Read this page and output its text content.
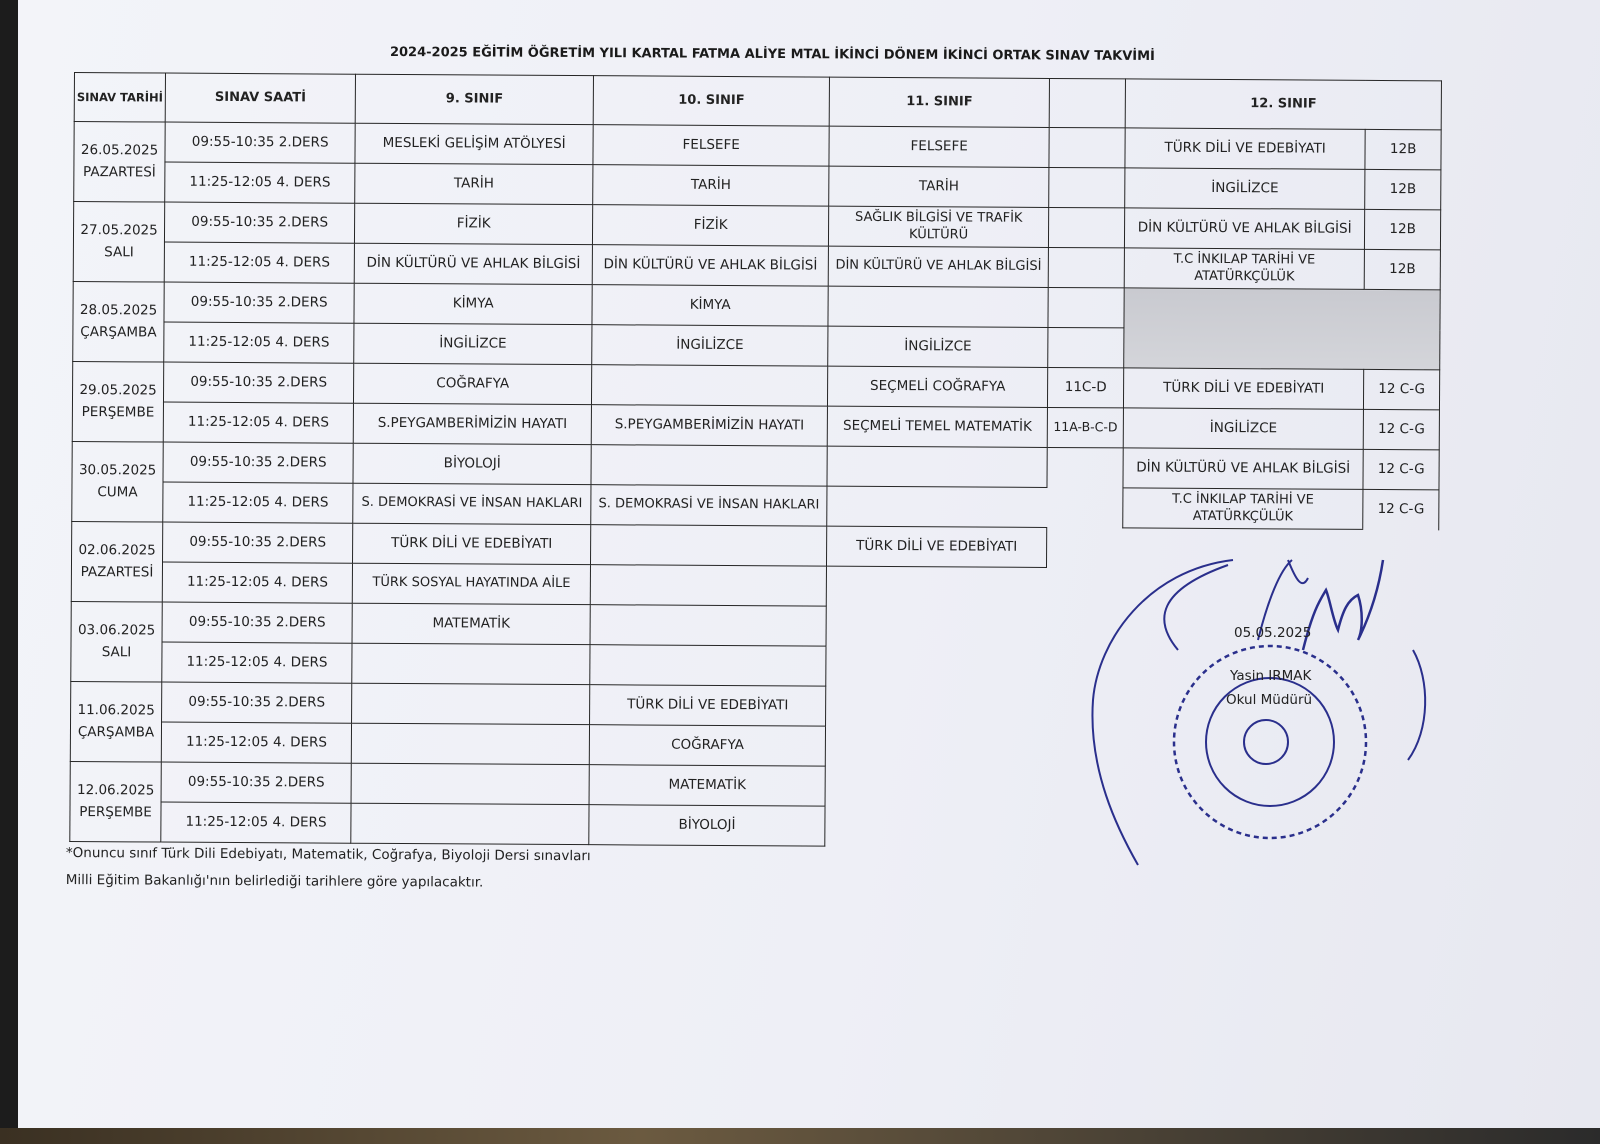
2024-2025 EĞİTİM ÖĞRETİM YILI KARTAL FATMA ALİYE MTAL İKİNCİ DÖNEM İKİNCİ ORTAK SINAV TAKVİMİ
SINAV TARİHİ	SINAV SAATİ	9. SINIF	10. SINIF	11. SINIF		12. SINIF	
26.05.2025
PAZARTESİ	09:55-10:35 2.DERS	MESLEKİ GELİŞİM ATÖLYESİ	FELSEFE	FELSEFE		TÜRK DİLİ VE EDEBİYATI	12B
	11:25-12:05 4. DERS	TARİH	TARİH	TARİH		İNGİLİZCE	12B
27.05.2025
SALI	09:55-10:35 2.DERS	FİZİK	FİZİK	SAĞLIK BİLGİSİ VE TRAFİK KÜLTÜRÜ		DİN KÜLTÜRÜ VE AHLAK BİLGİSİ	12B
	11:25-12:05 4. DERS	DİN KÜLTÜRÜ VE AHLAK BİLGİSİ	DİN KÜLTÜRÜ VE AHLAK BİLGİSİ	DİN KÜLTÜRÜ VE AHLAK BİLGİSİ		T.C İNKILAP TARİHİ VE ATATÜRKÇÜLÜK	12B
28.05.2025
ÇARŞAMBA	09:55-10:35 2.DERS	KİMYA	KİMYA				
	11:25-12:05 4. DERS	İNGİLİZCE	İNGİLİZCE	İNGİLİZCE			
29.05.2025
PERŞEMBE	09:55-10:35 2.DERS	COĞRAFYA		SEÇMELİ COĞRAFYA	11C-D	TÜRK DİLİ VE EDEBİYATI	12 C-G
	11:25-12:05 4. DERS	S.PEYGAMBERİMİZİN HAYATI	S.PEYGAMBERİMİZİN HAYATI	SEÇMELİ TEMEL MATEMATİK	11A-B-C-D	İNGİLİZCE	12 C-G
30.05.2025
CUMA	09:55-10:35 2.DERS	BİYOLOJİ				DİN KÜLTÜRÜ VE AHLAK BİLGİSİ	12 C-G
	11:25-12:05 4. DERS	S. DEMOKRASİ VE İNSAN HAKLARI	S. DEMOKRASİ VE İNSAN HAKLARI			T.C İNKILAP TARİHİ VE ATATÜRKÇÜLÜK	12 C-G
02.06.2025
PAZARTESİ	09:55-10:35 2.DERS	TÜRK DİLİ VE EDEBİYATI		TÜRK DİLİ VE EDEBİYATI			
	11:25-12:05 4. DERS	TÜRK SOSYAL HAYATINDA AİLE					
03.06.2025
SALI	09:55-10:35 2.DERS	MATEMATİK					
	11:25-12:05 4. DERS						
11.06.2025
ÇARŞAMBA	09:55-10:35 2.DERS		TÜRK DİLİ VE EDEBİYATI				
	11:25-12:05 4. DERS		COĞRAFYA				
12.06.2025
PERŞEMBE	09:55-10:35 2.DERS		MATEMATİK				
	11:25-12:05 4. DERS		BİYOLOJİ				
*Onuncu sınıf Türk Dili Edebiyatı, Matematik, Coğrafya, Biyoloji Dersi sınavları
Milli Eğitim Bakanlığı'nın belirlediği tarihlere göre yapılacaktır.
05.05.2025
Yasin IRMAK
Okul Müdürü
